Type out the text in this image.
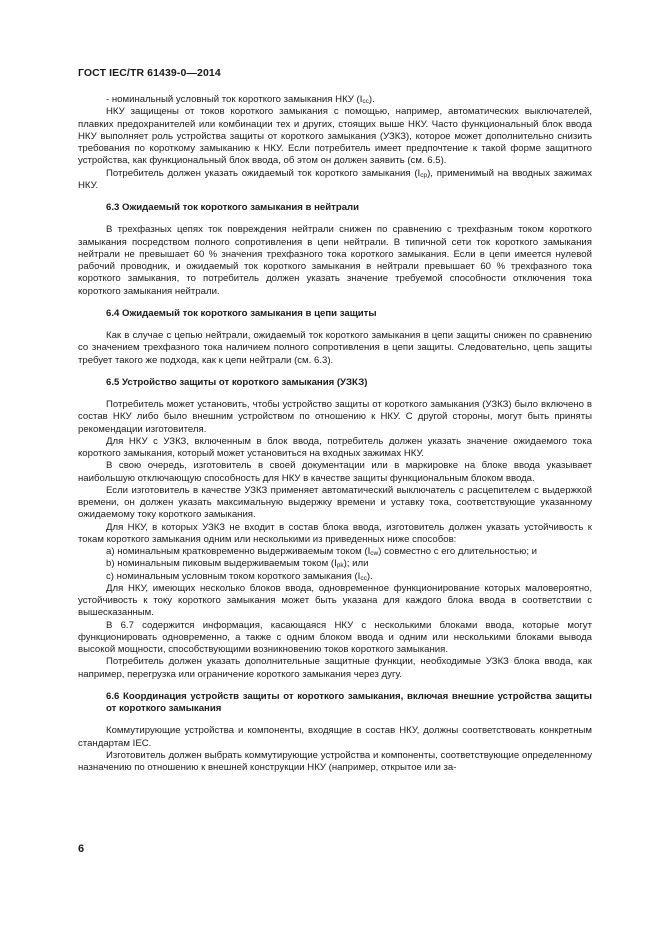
ГОСТ IEC/TR 61439-0—2014

- номинальный условный ток короткого замыкания НКУ $(I_{cc})$.

НКУ защищены от токов короткого замыкания с помощью, например, автоматических выключателей, плавких предохранителей или комбинации тех и других, стоящих выше НКУ. Часто функциональный блок ввода НКУ выполняет роль устройства защиты от короткого замыкания (УЗКЗ), которое может дополнительно снизить требования по короткому замыканию к НКУ. Если потребитель имеет предпочтение к такой форме защитного устройства, как функциональный блок ввода, об этом он должен заявить (см. 6.5).

Потребитель должен указать ожидаемый ток короткого замыкания $(I_{cp})$, применимый на вводных зажимах НКУ.

6.3 Ожидаемый ток короткого замыкания в нейтрали

В трехфазных цепях ток повреждения нейтрали снижен по сравнению с трехфазным током короткого замыкания посредством полного сопротивления в цепи нейтрали. В типичной сети ток короткого замыкания нейтрали не превышает 60 % значения трехфазного тока короткого замыкания. Если в цепи имеется нулевой рабочий проводник, и ожидаемый ток короткого замыкания в нейтрали превышает 60 % трехфазного тока короткого замыкания, то потребитель должен указать значение требуемой способности отключения тока короткого замыкания нейтрали.

6.4 Ожидаемый ток короткого замыкания в цепи защиты

Как в случае с цепью нейтрали, ожидаемый ток короткого замыкания в цепи защиты снижен по сравнению со значением трехфазного тока наличием полного сопротивления в цепи защиты. Следовательно, цепь защиты требует такого же подхода, как к цепи нейтрали (см. 6.3).

6.5 Устройство защиты от короткого замыкания (УЗКЗ)

Потребитель может установить, чтобы устройство защиты от короткого замыкания (УЗКЗ) было включено в состав НКУ либо было внешним устройством по отношению к НКУ. С другой стороны, могут быть приняты рекомендации изготовителя.

Для НКУ с УЗКЗ, включенным в блок ввода, потребитель должен указать значение ожидаемого тока короткого замыкания, который может установиться на входных зажимах НКУ.

В свою очередь, изготовитель в своей документации или в маркировке на блоке ввода указывает наибольшую отключающую способность для НКУ в качестве защиты функциональным блоком ввода.

Если изготовитель в качестве УЗКЗ применяет автоматический выключатель с расцепителем с выдержкой времени, он должен указать максимальную выдержку времени и уставку тока, соответствующие указанному ожидаемому току короткого замыкания.

Для НКУ, в которых УЗКЗ не входит в состав блока ввода, изготовитель должен указать устойчивость к токам короткого замыкания одним или несколькими из приведенных ниже способов:

a) номинальным кратковременно выдерживаемым током $(I_{cw})$ совместно с его длительностью; и

b) номинальным пиковым выдерживаемым током $(I_{pk})$; или

c) номинальным условным током короткого замыкания $(I_{cc})$.

Для НКУ, имеющих несколько блоков ввода, одновременное функционирование которых маловероятно, устойчивость к току короткого замыкания может быть указана для каждого блока ввода в соответствии с вышесказанным.

В 6.7 содержится информация, касающаяся НКУ с несколькими блоками ввода, которые могут функционировать одновременно, а также с одним блоком ввода и одним или несколькими блоками вывода высокой мощности, способствующими возникновению токов короткого замыкания.

Потребитель должен указать дополнительные защитные функции, необходимые УЗКЗ блока ввода, как например, перегрузка или ограничение короткого замыкания через дугу.

6.6 Координация устройств защиты от короткого замыкания, включая внешние устройства защиты от короткого замыкания

Коммутирующие устройства и компоненты, входящие в состав НКУ, должны соответствовать конкретным стандартам IEC.

Изготовитель должен выбрать коммутирующие устройства и компоненты, соответствующие определенному назначению по отношению к внешней конструкции НКУ (например, открытое или за-

6
